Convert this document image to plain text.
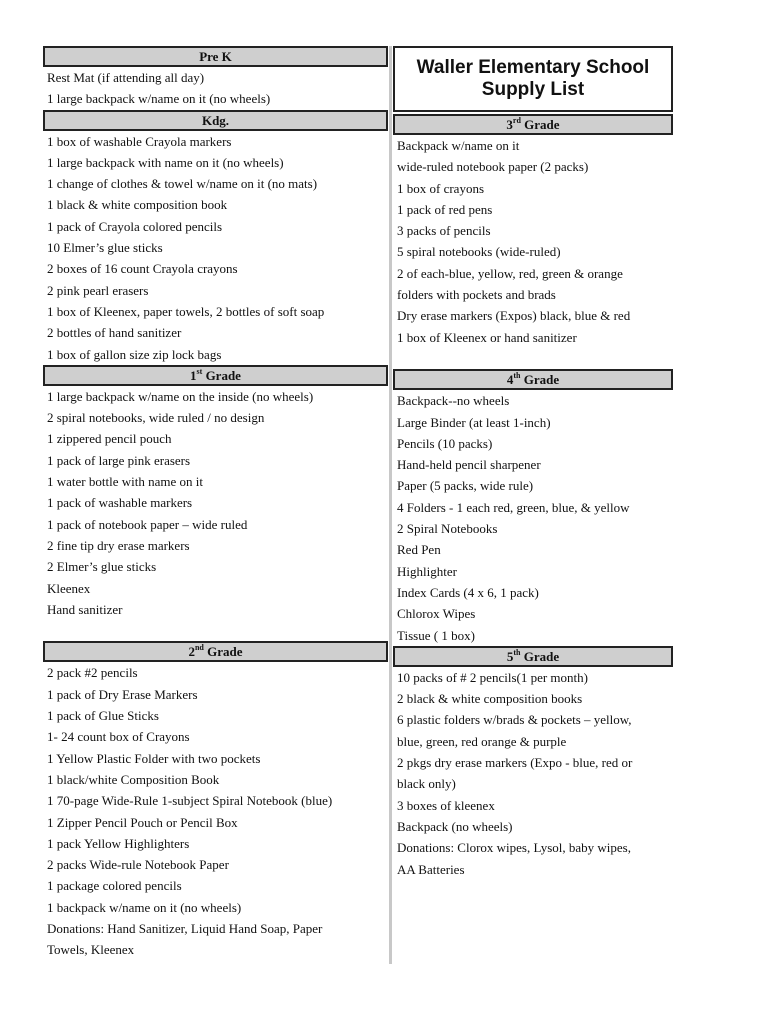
Pre K
Rest Mat (if attending all day)
1 large backpack w/name on it (no wheels)
Kdg.
1 box of washable Crayola markers
1 large backpack with name on it (no wheels)
1 change of clothes & towel w/name on it (no mats)
1 black & white composition book
1 pack of Crayola colored pencils
10 Elmer’s glue sticks
2 boxes of 16 count Crayola crayons
2 pink pearl erasers
1 box of Kleenex, paper towels, 2 bottles of soft soap
2 bottles of hand sanitizer
1 box of gallon size zip lock bags
1st Grade
1 large backpack w/name on the inside (no wheels)
2 spiral notebooks, wide ruled / no design
1 zippered pencil pouch
1 pack of large pink erasers
1 water bottle with name on it
1 pack of washable markers
1 pack of notebook paper – wide ruled
2 fine tip dry erase markers
2 Elmer’s glue sticks
Kleenex
Hand sanitizer
2nd Grade
2 pack #2 pencils
1 pack of Dry Erase Markers
1 pack of Glue Sticks
1- 24 count box of Crayons
1 Yellow Plastic Folder with two pockets
1 black/white Composition Book
1 70-page Wide-Rule 1-subject Spiral Notebook (blue)
1 Zipper Pencil Pouch or Pencil Box
1 pack Yellow Highlighters
2 packs Wide-rule Notebook Paper
1 package colored pencils
1 backpack w/name on it (no wheels)
Donations: Hand Sanitizer, Liquid Hand Soap, Paper
Towels, Kleenex
Waller Elementary School
Supply List
3rd Grade
Backpack w/name on it
wide-ruled notebook paper (2 packs)
1 box of crayons
1 pack of red pens
3 packs of pencils
5 spiral notebooks (wide-ruled)
2 of each-blue, yellow, red, green & orange
folders with pockets and brads
Dry erase markers (Expos) black, blue & red
1 box of Kleenex or hand sanitizer
4th Grade
Backpack--no wheels
Large Binder (at least 1-inch)
Pencils (10 packs)
Hand-held pencil sharpener
Paper (5 packs, wide rule)
4 Folders - 1 each red, green, blue, & yellow
2 Spiral Notebooks
Red Pen
Highlighter
Index Cards (4 x 6, 1 pack)
Chlorox Wipes
Tissue ( 1 box)
5th Grade
10 packs of # 2 pencils(1 per month)
2 black & white composition books
6 plastic folders w/brads & pockets – yellow,
blue, green, red orange & purple
2 pkgs dry erase markers (Expo - blue, red or
black only)
3 boxes of kleenex
Backpack (no wheels)
Donations: Clorox wipes, Lysol, baby wipes,
AA Batteries
